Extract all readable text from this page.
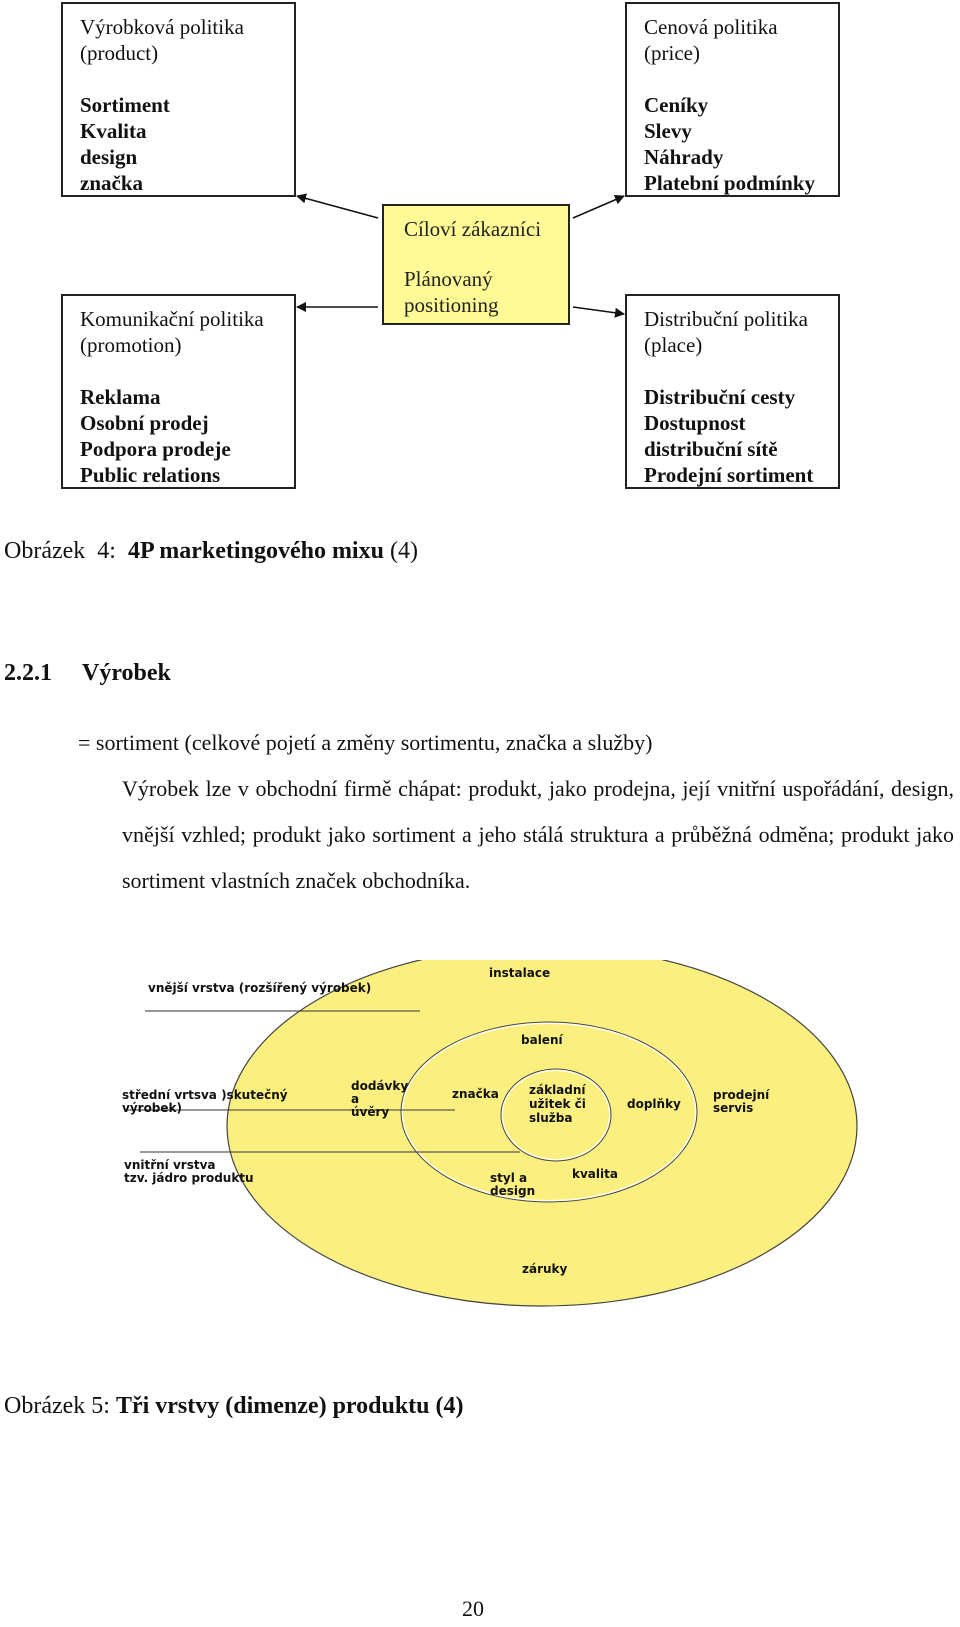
Výrobková politika
(product)
Sortiment
Kvalita
design
značka
Cenová politika
(price)
Ceníky
Slevy
Náhrady
Platební podmínky
Komunikační politika
(promotion)
Reklama
Osobní prodej
Podpora prodeje
Public relations
Distribuční politika
(place)
Distribuční cesty
Dostupnost
distribuční sítě
Prodejní sortiment
Cíloví zákazníci
Plánovaný positioning
Obrázek  4:  4P marketingového mixu (4)
2.2.1 Výrobek
= sortiment (celkové pojetí a změny sortimentu, značka a služby)
Výrobek lze v obchodní firmě chápat: produkt, jako prodejna, její vnitřní uspořádání, design, vnější vzhled; produkt jako sortiment a jeho stálá struktura a průběžná odměna; produkt jako sortiment vlastních značek obchodníka.
vnější vrstva (rozšířený výrobek)
střední vrtsva )skutečný
výrobek)
vnitřní vrstva
tzv. jádro produktu
instalace
dodávky
a
úvěry
prodejní
servis
záruky
balení
značka
doplňky
styl a
design
kvalita
základní
užitek či
služba
Obrázek 5: Tři vrstvy (dimenze) produktu (4)
20
